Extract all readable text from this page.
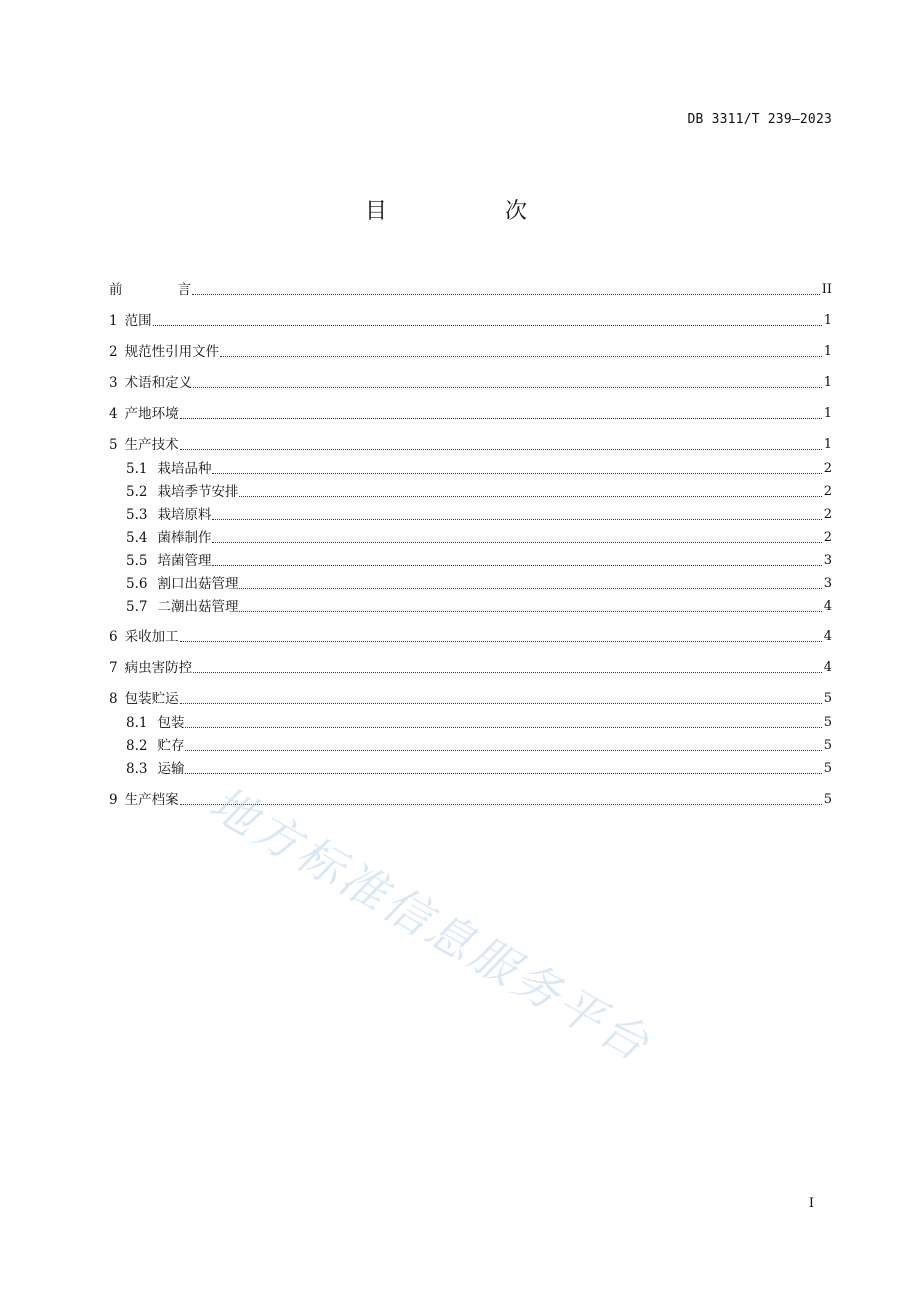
DB 3311/T 239—2023
目　次
前　　言	II
1 范围	1
2 规范性引用文件	1
3 术语和定义	1
4 产地环境	1
5 生产技术	1
5.1 栽培品种	2
5.2 栽培季节安排	2
5.3 栽培原料	2
5.4 菌棒制作	2
5.5 培菌管理	3
5.6 割口出菇管理	3
5.7 二潮出菇管理	4
6 采收加工	4
7 病虫害防控	4
8 包装贮运	5
8.1 包装	5
8.2 贮存	5
8.3 运输	5
9 生产档案	5
地方标准信息服务平台
I
